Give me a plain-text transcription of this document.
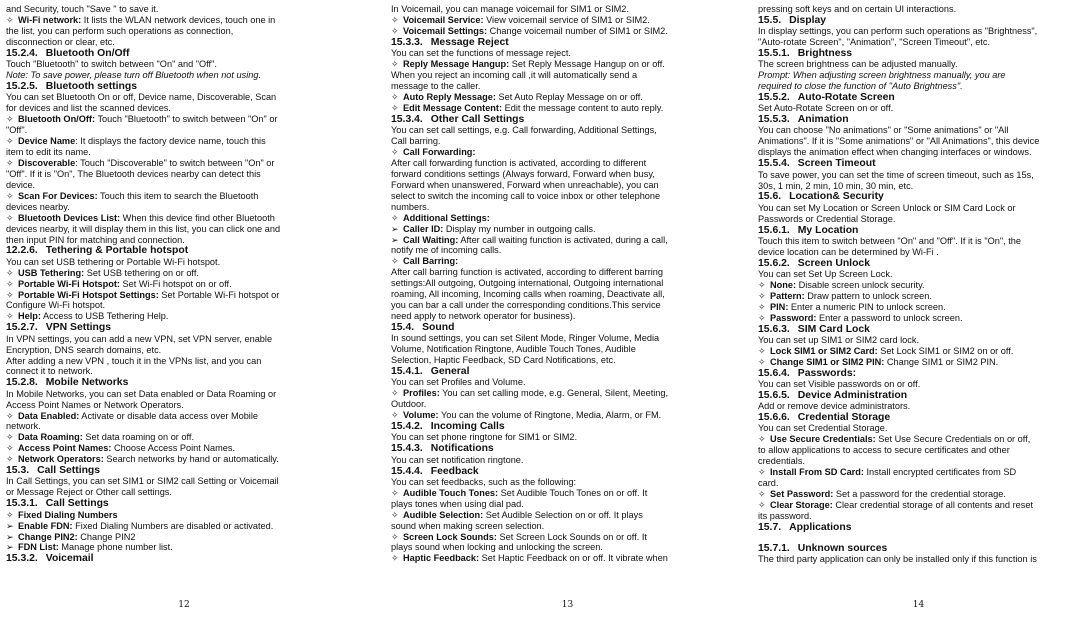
and Security, touch "Save " to save it.
✧ Wi-Fi network: It lists the WLAN network devices, touch one in
the list, you can perform such operations as connection,
disconnection or clear, etc.
15.2.4. Bluetooth On/Off
Touch "Bluetooth" to switch between "On" and "Off".
Note: To save power, please turn off Bluetooth when not using.
15.2.5. Bluetooth settings
You can set Bluetooth On or off, Device name, Discoverable, Scan
for devices and list the scanned devices.
✧ Bluetooth On/Off: Touch "Bluetooth" to switch between "On" or
"Off".
✧ Device Name: It displays the factory device name, touch this
item to edit its name.
✧ Discoverable: Touch "Discoverable" to switch between "On" or
"Off". If it is "On", The Bluetooth devices nearby can detect this
device.
✧ Scan For Devices: Touch this item to search the Bluetooth
devices nearby.
✧ Bluetooth Devices List: When this device find other Bluetooth
devices nearby, it will display them in this list, you can click one and
then input PIN for matching and connection.
12.2.6. Tethering & Portable hotspot
You can set USB tethering or Portable Wi-Fi hotspot.
✧ USB Tethering: Set USB tethering on or off.
✧ Portable Wi-Fi Hotspot: Set Wi-Fi hotspot on or off.
✧ Portable Wi-Fi Hotspot Settings: Set Portable Wi-Fi hotspot or
Configure Wi-Fi hotspot.
✧ Help: Access to USB Tethering Help.
15.2.7. VPN Settings
In VPN settings, you can add a new VPN, set VPN server, enable
Encryption, DNS search domains, etc.
After adding a new VPN , touch it in the VPNs list, and you can
connect it to network.
15.2.8. Mobile Networks
In Mobile Networks, you can set Data enabled or Data Roaming or
Access Point Names or Network Operators.
✧ Data Enabled: Activate or disable data access over Mobile
network.
✧ Data Roaming: Set data roaming on or off.
✧ Access Point Names: Choose Access Point Names.
✧ Network Operators: Search networks by hand or automatically.
15.3. Call Settings
In Call Settings, you can set SIM1 or SIM2 call Setting or Voicemail
or Message Reject or Other call settings.
15.3.1. Call Settings
✧ Fixed Dialing Numbers
➢ Enable FDN: Fixed Dialing Numbers are disabled or activated.
➢ Change PIN2: Change PIN2
➢ FDN List: Manage phone number list.
15.3.2. Voicemail
12
In Voicemail, you can manage voicemail for SIM1 or SIM2.
✧ Voicemail Service: View voicemail service of SIM1 or SIM2.
✧ Voicemail Settings: Change voicemail number of SIM1 or SIM2.
15.3.3. Message Reject
You can set the functions of message reject.
✧ Reply Message Hangup: Set Reply Message Hangup on or off.
When you reject an incoming call ,it will automatically send a
message to the caller.
✧ Auto Reply Message: Set Auto Replay Message on or off.
✧ Edit Message Content: Edit the message content to auto reply.
15.3.4. Other Call Settings
You can set call settings, e.g. Call forwarding, Additional Settings,
Call barring.
✧ Call Forwarding:
After call forwarding function is activated, according to different
forward conditions settings (Always forward, Forward when busy,
Forward when unanswered, Forward when unreachable), you can
select to switch the incoming call to voice inbox or other telephone
numbers.
✧ Additional Settings:
➢ Caller ID: Display my number in outgoing calls.
➢ Call Waiting: After call waiting function is activated, during a call,
notify me of incoming calls.
✧ Call Barring:
After call barring function is activated, according to different barring
settings:All outgoing, Outgoing international, Outgoing international
roaming, All incoming, Incoming calls when roaming, Deactivate all,
you can bar a call under the corresponding conditions.This service
need apply to network operator for business).
15.4. Sound
In sound settings, you can set Silent Mode, Ringer Volume, Media
Volume, Notification Ringtone, Audible Touch Tones, Audible
Selection, Haptic Feedback, SD Card Notifications, etc.
15.4.1. General
You can set Profiles and Volume.
✧ Profiles: You can set calling mode, e.g. General, Silent, Meeting,
Outdoor.
✧ Volume: You can the volume of Ringtone, Media, Alarm, or FM.
15.4.2. Incoming Calls
You can set phone ringtone for SIM1 or SIM2.
15.4.3. Notifications
You can set notification ringtone.
15.4.4. Feedback
You can set feedbacks, such as the following:
✧ Audible Touch Tones: Set Audible Touch Tones on or off. It
plays tones when using dial pad.
✧ Audible Selection: Set Audible Selection on or off. It plays
sound when making screen selection.
✧ Screen Lock Sounds: Set Screen Lock Sounds on or off. It
plays sound when locking and unlocking the screen.
✧ Haptic Feedback: Set Haptic Feedback on or off. It vibrate when
13
pressing soft keys and on certain UI interactions.
15.5. Display
In display settings, you can perform such operations as "Brightness",
"Auto-rotate Screen", "Animation", "Screen Timeout", etc.
15.5.1. Brightness
The screen brightness can be adjusted manually.
Prompt: When adjusting screen brightness manually, you are
required to close the function of "Auto Brightness".
15.5.2. Auto-Rotate Screen
Set Auto-Rotate Screen on or off.
15.5.3. Animation
You can choose "No animations" or "Some animations" or "All
Animations". If it is "Some animations" or "All Animations", this device
displays the animation effect when changing interfaces or windows.
15.5.4. Screen Timeout
To save power, you can set the time of screen timeout, such as 15s,
30s, 1 min, 2 min, 10 min, 30 min, etc.
15.6. Location& Security
You can set My Location or Screen Unlock or SIM Card Lock or
Passwords or Credential Storage.
15.6.1. My Location
Touch this item to switch between "On" and "Off". If it is "On", the
device location can be determined by Wi-Fi .
15.6.2. Screen Unlock
You can set Set Up Screen Lock.
✧ None: Disable screen unlock security.
✧ Pattern: Draw pattern to unlock screen.
✧ PIN: Enter a numeric PIN to unlock screen.
✧ Password: Enter a password to unlock screen.
15.6.3. SIM Card Lock
You can set up SIM1 or SIM2 card lock.
✧ Lock SIM1 or SIM2 Card: Set Lock SIM1 or SIM2 on or off.
✧ Change SIM1 or SIM2 PIN: Change SIM1 or SIM2 PIN.
15.6.4. Passwords:
You can set Visible passwords on or off.
15.6.5. Device Administration
Add or remove device administrators.
15.6.6. Credential Storage
You can set Credential Storage.
✧ Use Secure Credentials: Set Use Secure Credentials on or off,
to allow applications to access to secure certificates and other
credentials.
✧ Install From SD Card: Install encrypted certificates from SD
card.
✧ Set Password: Set a password for the credential storage.
✧ Clear Storage: Clear credential storage of all contents and reset
its password.
15.7. Applications
15.7.1. Unknown sources
The third party application can only be installed only if this function is
14
